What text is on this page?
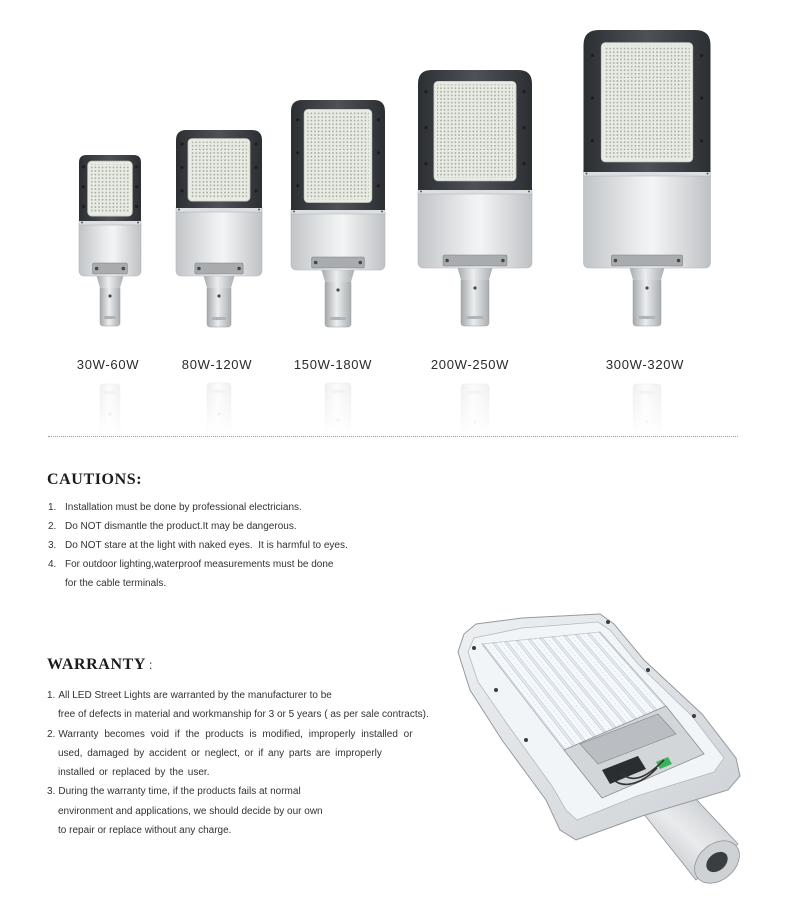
30W-60W	80W-120W	150W-180W	200W-250W	300W-320W
CAUTIONS:

1.

Installation must be done by professional electricians.

2.

Do NOT dismantle the product.It may be dangerous.

3.

Do NOT stare at the light with naked eyes.  It is harmful to eyes.

4.

For outdoor lighting,waterproof measurements must be done

for the cable terminals.

WARRANTY :
1. All LED Street Lights are warranted by the manufacturer to be
free of defects in material and workmanship for 3 or 5 years ( as per sale contracts).
2. Warranty becomes void if the products is modified, improperly installed or
used, damaged by accident or neglect, or if any parts are improperly
installed or replaced by the user.
3. During the warranty time, if the products fails at normal
environment and applications, we should decide by our own
to repair or replace without any charge.
